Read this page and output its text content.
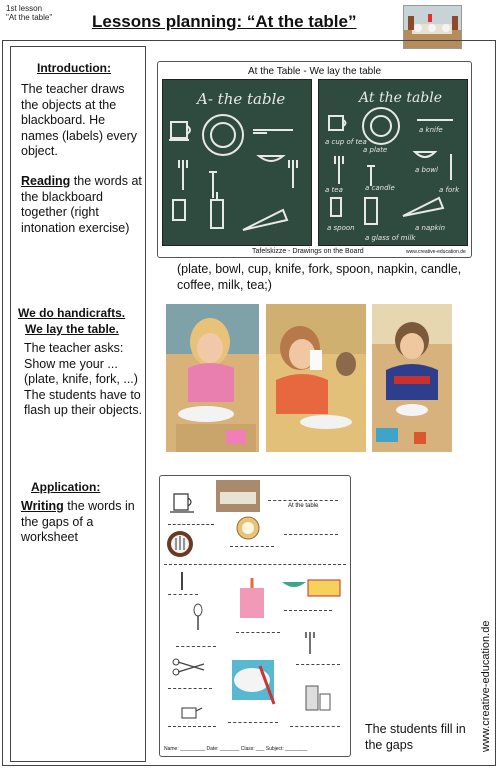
1st lesson
"At the table" Lessons planning: “At the table”
Introduction:
The teacher draws the objects at the blackboard. He names (labels) every object.
Reading the words at the blackboard together (right intonation exercise)
We do handicrafts.
We lay the table.
The teacher asks: Show me your ... (plate, knife, fork, ...) The students have to flash up their objects.
Application:
Writing the words in the gaps of a worksheet
At the Table - We lay the table
A- the table	At the table
a cup of tea
a plate
a knife
a tea
a bowl
a fork
a spoon
a candle
a napkin
a glass of milk
Tafelskizze - Drawings on the Board	www.creative-education.de
(plate, bowl, cup, knife, fork, spoon, napkin, candle, coffee, milk, tea;)
At the table
Name: _________ Date: _______ Class: ___ Subject: ________
The students fill in the gaps	www.creative-education.de
